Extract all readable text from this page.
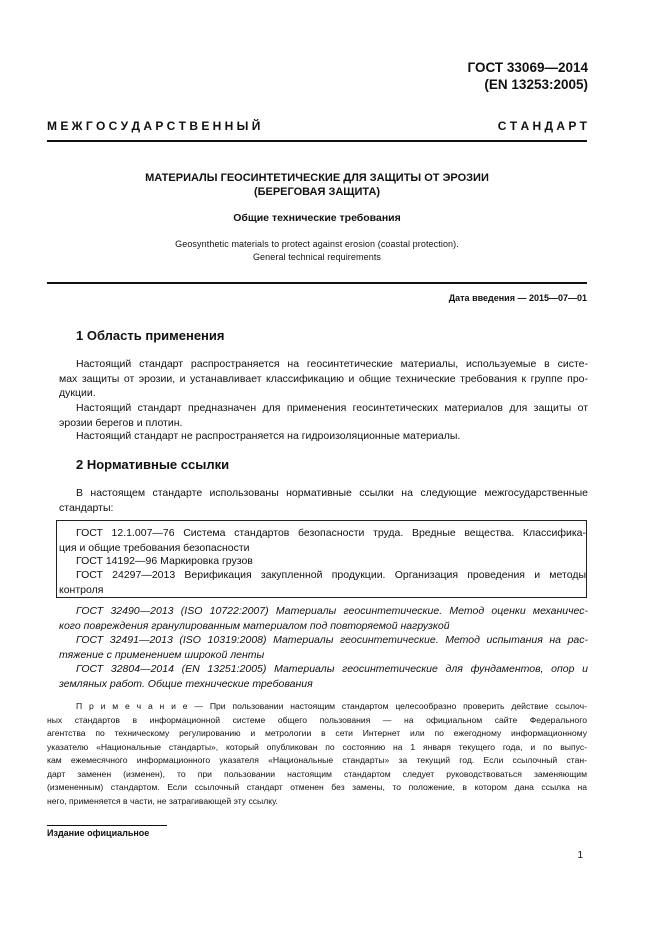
ГОСТ 33069—2014
(EN 13253:2005)
М Е Ж Г О С У Д А Р С Т В Е Н Н Ы Й	С Т А Н Д А Р Т
МАТЕРИАЛЫ ГЕОСИНТЕТИЧЕСКИЕ ДЛЯ ЗАЩИТЫ ОТ ЭРОЗИИ
(БЕРЕГОВАЯ ЗАЩИТА)
Общие технические требования
Geosynthetic materials to protect against erosion (coastal protection).
General technical requirements
Дата введения — 2015—07—01
1 Область применения
Настоящий стандарт распространяется на геосинтетические материалы, используемые в систе-
мах защиты от эрозии, и устанавливает классификацию и общие технические требования к группе про-
дукции.
Настоящий стандарт предназначен для применения геосинтетических материалов для защиты от
эрозии берегов и плотин.
Настоящий стандарт не распространяется на гидроизоляционные материалы.
2 Нормативные ссылки
В настоящем стандарте использованы нормативные ссылки на следующие межгосударственные
стандарты:
ГОСТ 12.1.007—76 Система стандартов безопасности труда. Вредные вещества. Классифика-
ция и общие требования безопасности
ГОСТ 14192—96 Маркировка грузов
ГОСТ 24297—2013 Верификация закупленной продукции. Организация проведения и методы
контроля
ГОСТ 32490—2013 (ISO 10722:2007) Материалы геосинтетические. Метод оценки механичес-
кого повреждения гранулированным материалом под повторяемой нагрузкой
ГОСТ 32491—2013 (ISO 10319:2008) Материалы геосинтетические. Метод испытания на рас-
тяжение с применением широкой ленты
ГОСТ 32804—2014 (EN 13251:2005) Материалы геосинтетические для фундаментов, опор и
земляных работ. Общие технические требования
П р и м е ч а н и е — При пользовании настоящим стандартом целесообразно проверить действие ссылоч-
ных стандартов в информационной системе общего пользования — на официальном сайте Федерального
агентства по техническому регулированию и метрологии в сети Интернет или по ежегодному информационному
указателю «Национальные стандарты», который опубликован по состоянию на 1 января текущего года, и по выпус-
кам ежемесячного информационного указателя «Национальные стандарты» за текущий год. Если ссылочный стан-
дарт заменен (изменен), то при пользовании настоящим стандартом следует руководствоваться заменяющим
(измененным) стандартом. Если ссылочный стандарт отменен без замены, то положение, в котором дана ссылка на
него, применяется в части, не затрагивающей эту ссылку.
Издание официальное
1
